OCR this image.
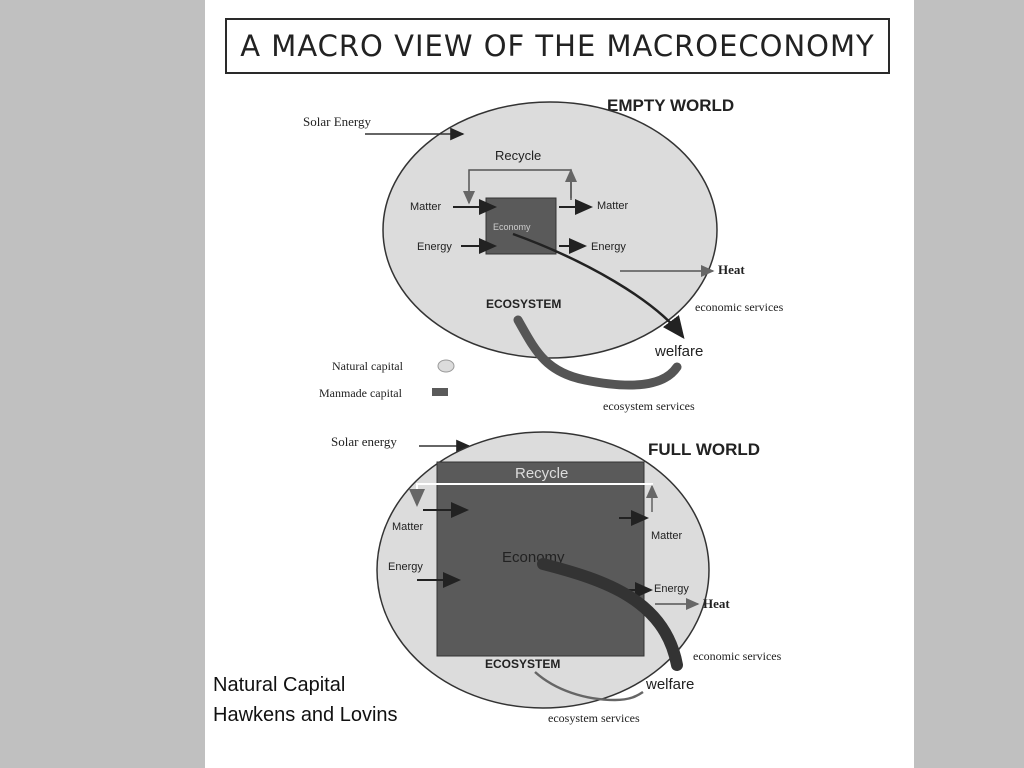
A MACRO VIEW OF THE MACROECONOMY
EMPTY WORLD
Solar Energy
Recycle
Economy
Matter
Energy
Matter
Energy
Heat
ECOSYSTEM	economic services
welfare
ecosystem services
Natural capital
Manmade capital
FULL WORLD
Solar energy
Recycle
Matter
Energy
Economy
Matter
Energy
Heat
economic services
ECOSYSTEM
welfare
ecosystem services
Natural Capital
Hawkens and Lovins
